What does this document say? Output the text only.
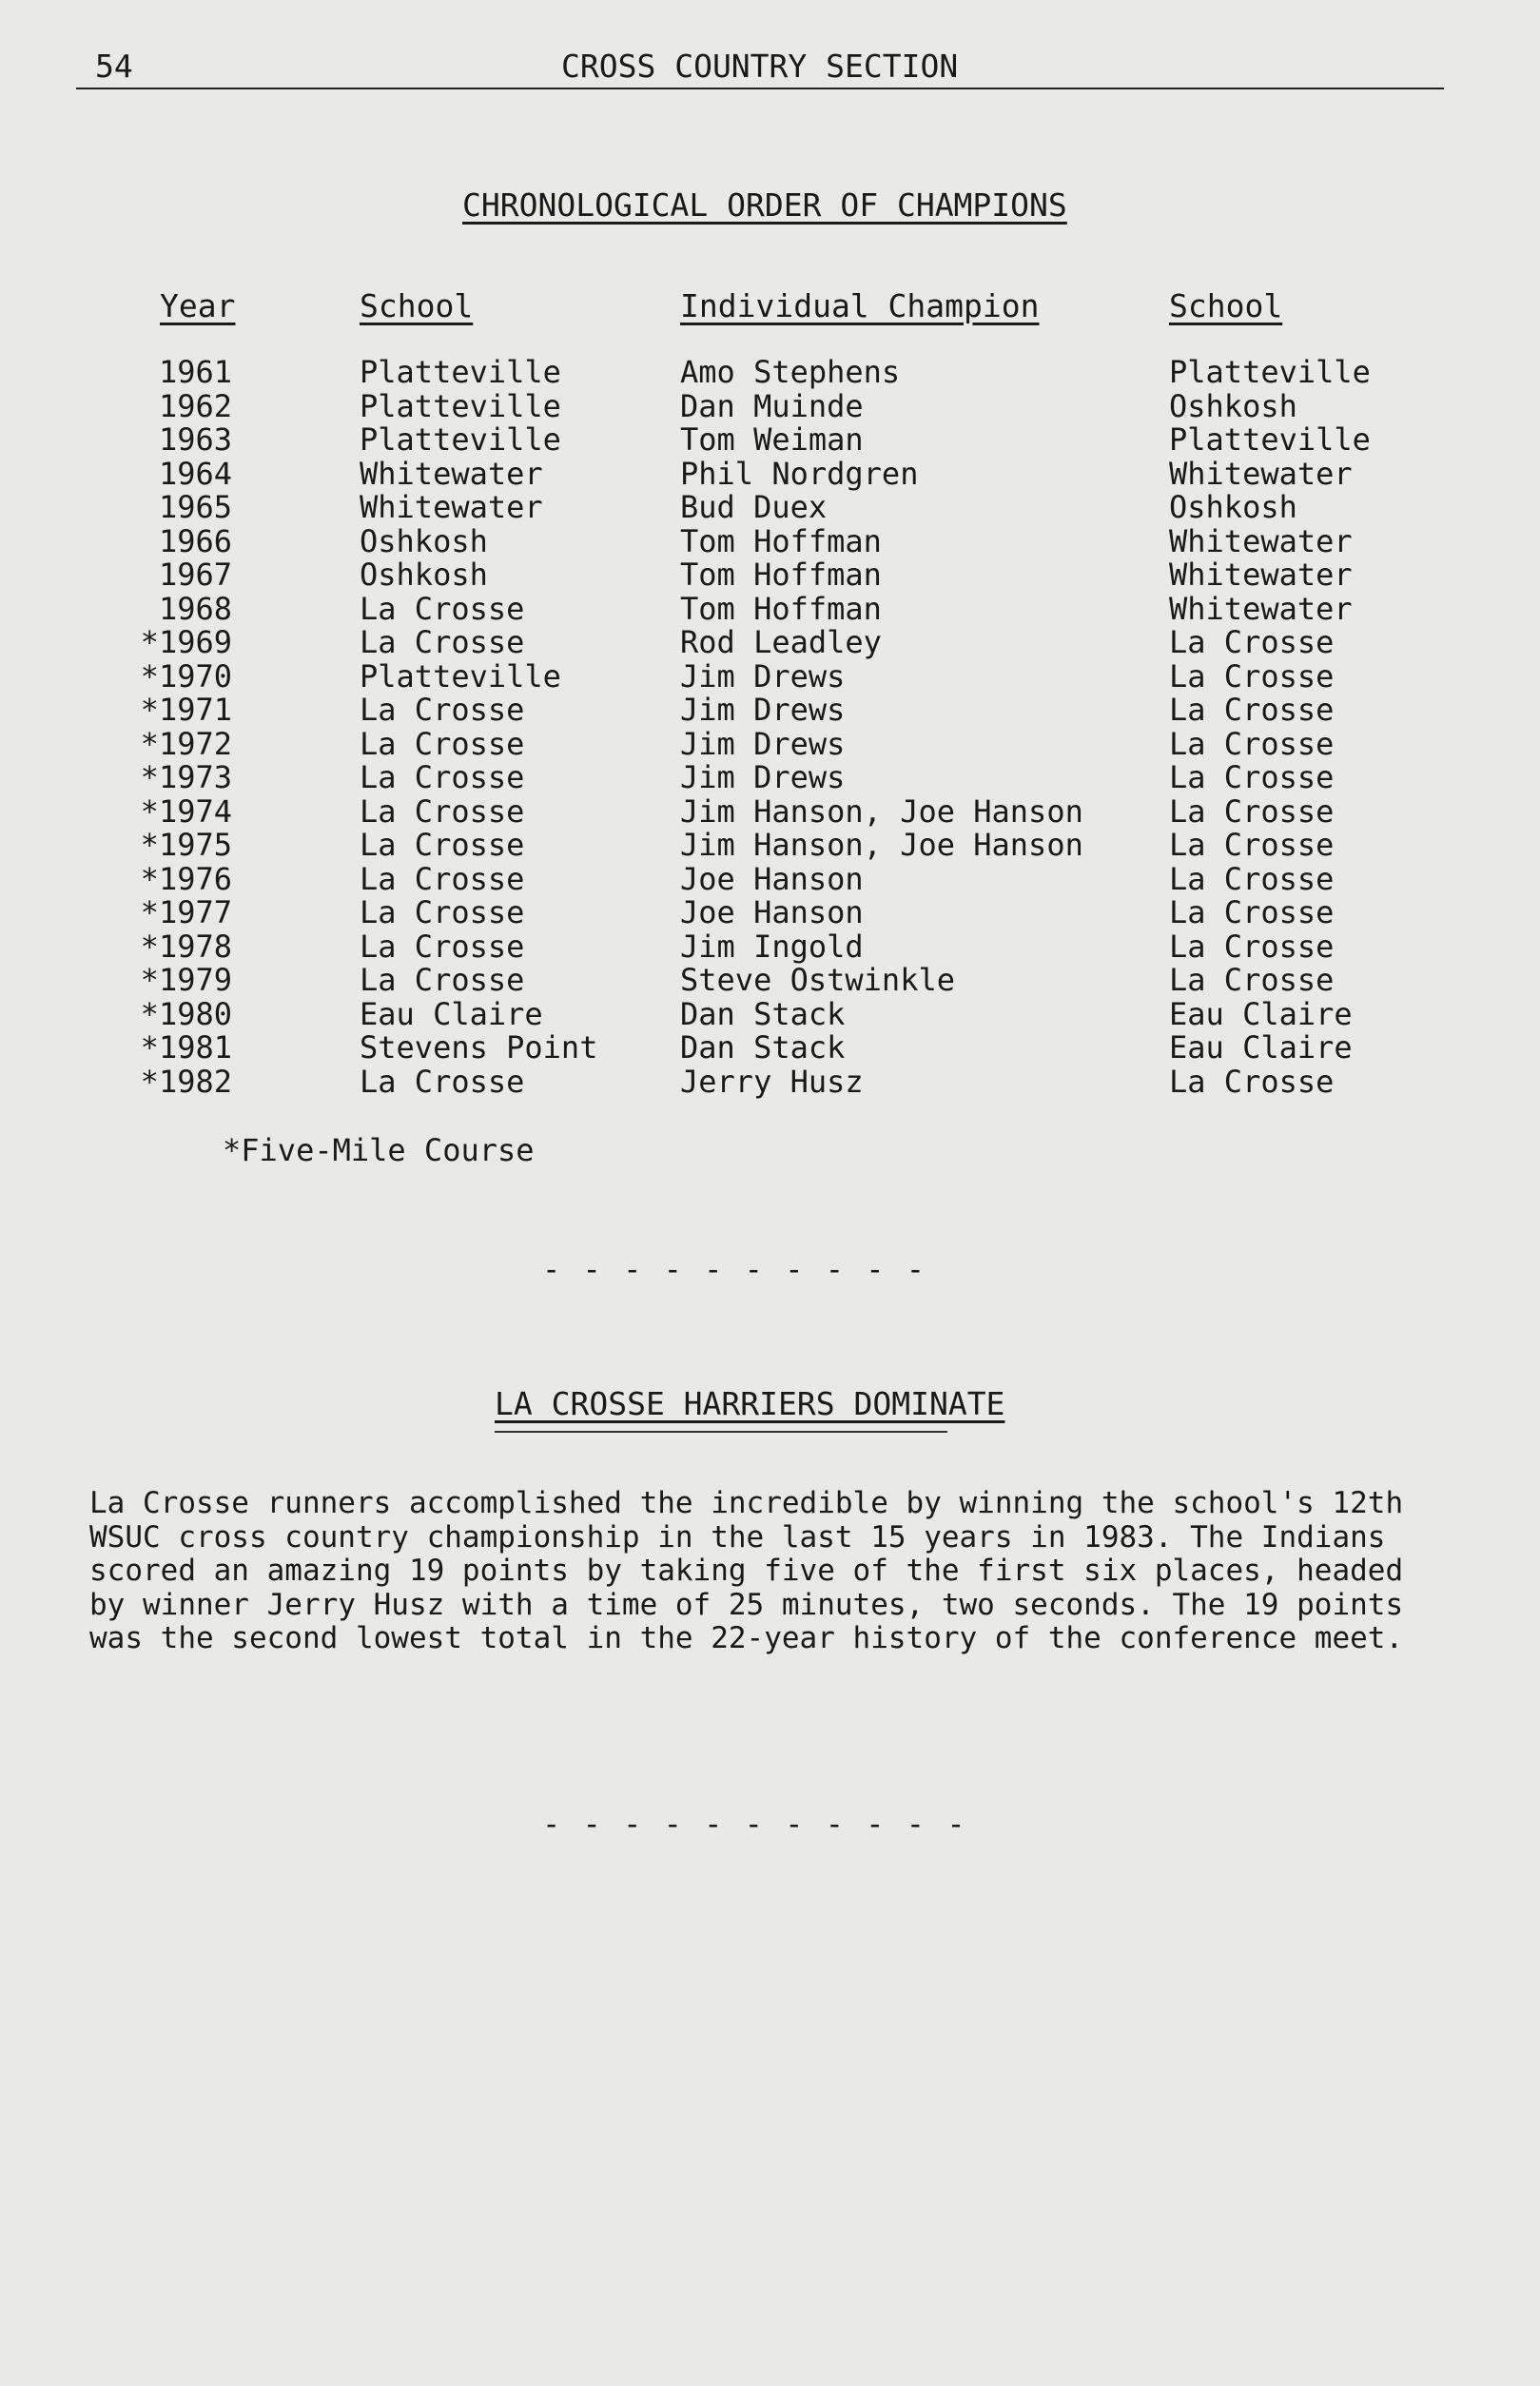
54	CROSS COUNTRY SECTION
CHRONOLOGICAL ORDER OF CHAMPIONS
Year	School	Individual Champion	School
1961	Platteville	Amo Stephens	Platteville
1962	Platteville	Dan Muinde	Oshkosh
1963	Platteville	Tom Weiman	Platteville
1964	Whitewater	Phil Nordgren	Whitewater
1965	Whitewater	Bud Duex	Oshkosh
1966	Oshkosh	Tom Hoffman	Whitewater
1967	Oshkosh	Tom Hoffman	Whitewater
1968	La Crosse	Tom Hoffman	Whitewater
*1969	La Crosse	Rod Leadley	La Crosse
*1970	Platteville	Jim Drews	La Crosse
*1971	La Crosse	Jim Drews	La Crosse
*1972	La Crosse	Jim Drews	La Crosse
*1973	La Crosse	Jim Drews	La Crosse
*1974	La Crosse	Jim Hanson, Joe Hanson	La Crosse
*1975	La Crosse	Jim Hanson, Joe Hanson	La Crosse
*1976	La Crosse	Joe Hanson	La Crosse
*1977	La Crosse	Joe Hanson	La Crosse
*1978	La Crosse	Jim Ingold	La Crosse
*1979	La Crosse	Steve Ostwinkle	La Crosse
*1980	Eau Claire	Dan Stack	Eau Claire
*1981	Stevens Point	Dan Stack	Eau Claire
*1982	La Crosse	Jerry Husz	La Crosse
*Five-Mile Course
- - - - - - - - - -
LA CROSSE HARRIERS DOMINATE
La Crosse runners accomplished the incredible by winning the school's 12th WSUC cross country championship in the last 15 years in 1983. The Indians scored an amazing 19 points by taking five of the first six places, headed by winner Jerry Husz with a time of 25 minutes, two seconds. The 19 points was the second lowest total in the 22-year history of the conference meet.
- - - - - - - - - - -
